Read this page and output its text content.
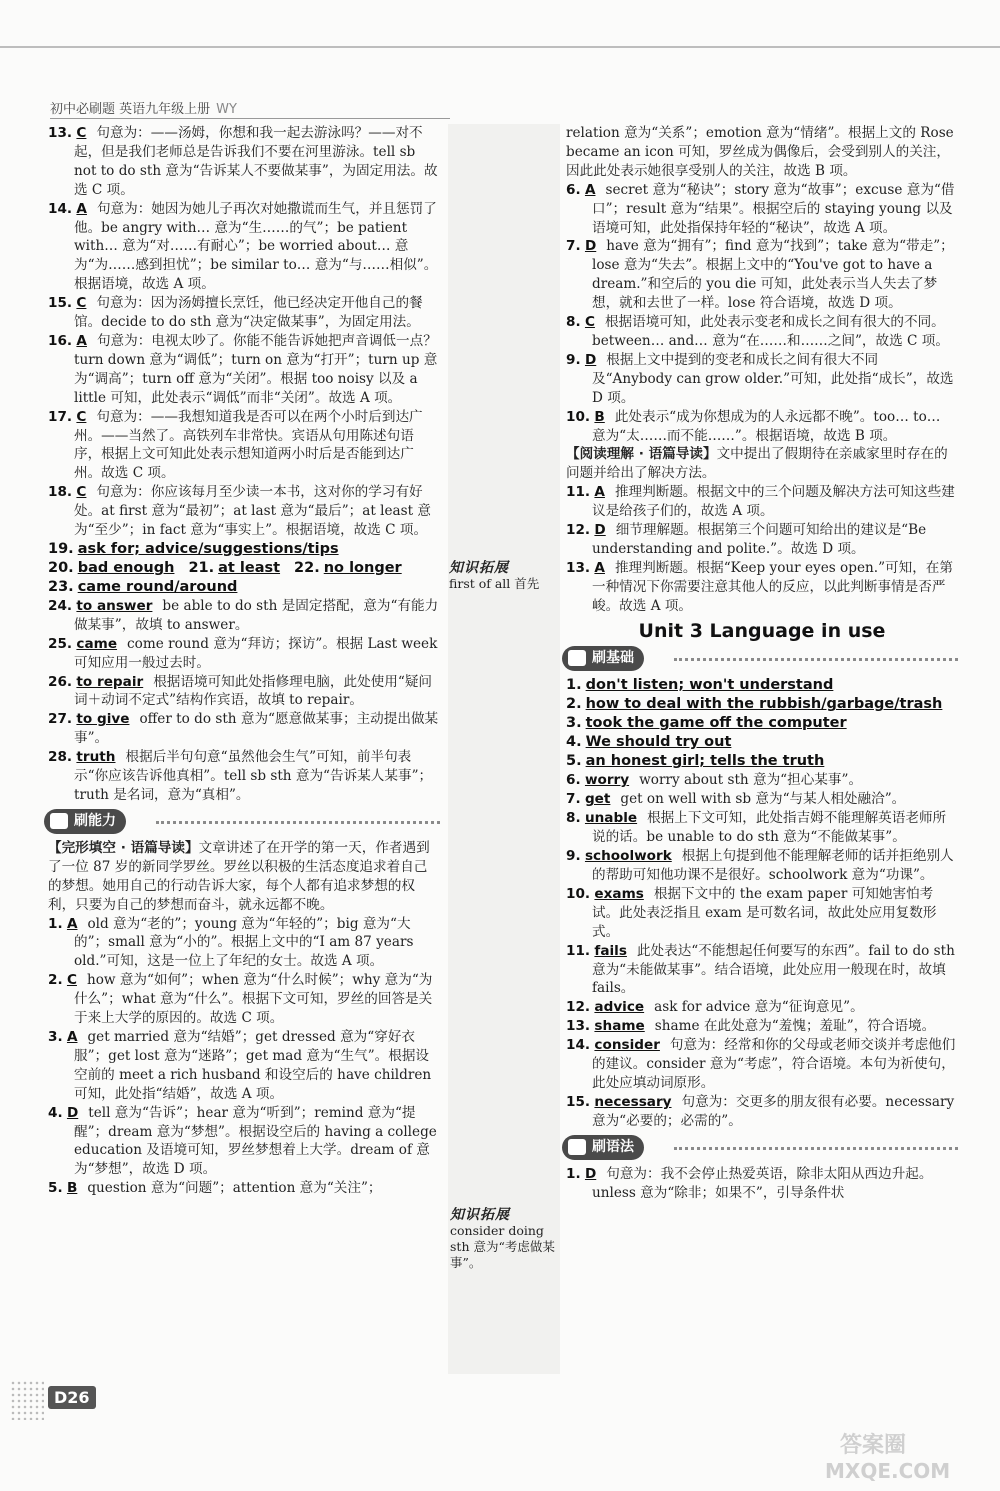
初中必刷题 英语九年级上册 WY
13. C 句意为：——汤姆，你想和我一起去游泳吗？——对不起，但是我们老师总是告诉我们不要在河里游泳。tell sb not to do sth 意为“告诉某人不要做某事”，为固定用法。故选 C 项。
14. A 句意为：她因为她儿子再次对她撒谎而生气，并且惩罚了他。be angry with… 意为“生……的气”；be patient with… 意为“对……有耐心”；be worried about… 意为“为……感到担忧”；be similar to… 意为“与……相似”。根据语境，故选 A 项。
15. C 句意为：因为汤姆擅长烹饪，他已经决定开他自己的餐馆。decide to do sth 意为“决定做某事”，为固定用法。
16. A 句意为：电视太吵了。你能不能告诉她把声音调低一点？turn down 意为“调低”；turn on 意为“打开”；turn up 意为“调高”；turn off 意为“关闭”。根据 too noisy 以及 a little 可知，此处表示“调低”而非“关闭”。故选 A 项。
17. C 句意为：——我想知道我是否可以在两个小时后到达广州。——当然了。高铁列车非常快。宾语从句用陈述句语序，根据上文可知此处表示想知道两小时后是否能到达广州。故选 C 项。
18. C 句意为：你应该每月至少读一本书，这对你的学习有好处。at first 意为“最初”；at last 意为“最后”；at least 意为“至少”；in fact 意为“事实上”。根据语境，故选 C 项。
19. ask for; advice/suggestions/tips
20. bad enough 21. at least 22. no longer
23. came round/around
24. to answer be able to do sth 是固定搭配，意为“有能力做某事”，故填 to answer。
25. came come round 意为“拜访；探访”。根据 Last week 可知应用一般过去时。
26. to repair 根据语境可知此处指修理电脑，此处使用“疑问词＋动词不定式”结构作宾语，故填 to repair。
27. to give offer to do sth 意为“愿意做某事；主动提出做某事”。
28. truth 根据后半句句意“虽然他会生气”可知，前半句表示“你应该告诉他真相”。tell sb sth 意为“告诉某人某事”；truth 是名词，意为“真相”。
刷能力
【完形填空 · 语篇导读】文章讲述了在开学的第一天，作者遇到了一位 87 岁的新同学罗丝。罗丝以积极的生活态度追求着自己的梦想。她用自己的行动告诉大家，每个人都有追求梦想的权利，只要为自己的梦想而奋斗，就永远都不晚。
1. A old 意为“老的”；young 意为“年轻的”；big 意为“大的”；small 意为“小的”。根据上文中的“I am 87 years old.”可知，这是一位上了年纪的女士。故选 A 项。
2. C how 意为“如何”；when 意为“什么时候”；why 意为“为什么”；what 意为“什么”。根据下文可知，罗丝的回答是关于来上大学的原因的。故选 C 项。
3. A get married 意为“结婚”；get dressed 意为“穿好衣服”；get lost 意为“迷路”；get mad 意为“生气”。根据设空前的 meet a rich husband 和设空后的 have children 可知，此处指“结婚”，故选 A 项。
4. D tell 意为“告诉”；hear 意为“听到”；remind 意为“提醒”；dream 意为“梦想”。根据设空后的 having a college education 及语境可知，罗丝梦想着上大学。dream of 意为“梦想”，故选 D 项。
5. B question 意为“问题”；attention 意为“关注”；
知识拓展
first of all 首先
知识拓展
consider doing sth 意为“考虑做某事”。
relation 意为“关系”；emotion 意为“情绪”。根据上文的 Rose became an icon 可知，罗丝成为偶像后，会受到别人的关注，因此此处表示她很享受别人的关注，故选 B 项。
6. A secret 意为“秘诀”；story 意为“故事”；excuse 意为“借口”；result 意为“结果”。根据空后的 staying young 以及语境可知，此处指保持年轻的“秘诀”，故选 A 项。
7. D have 意为“拥有”；find 意为“找到”；take 意为“带走”；lose 意为“失去”。根据上文中的“You've got to have a dream.”和空后的 you die 可知，此处表示当人失去了梦想，就和去世了一样。lose 符合语境，故选 D 项。
8. C 根据语境可知，此处表示变老和成长之间有很大的不同。between… and… 意为“在……和……之间”，故选 C 项。
9. D 根据上文中提到的变老和成长之间有很大不同及“Anybody can grow older.”可知，此处指“成长”，故选 D 项。
10. B 此处表示“成为你想成为的人永远都不晚”。too… to… 意为“太……而不能……”。根据语境，故选 B 项。
【阅读理解 · 语篇导读】文中提出了假期待在亲戚家里时存在的问题并给出了解决方法。
11. A 推理判断题。根据文中的三个问题及解决方法可知这些建议是给孩子们的，故选 A 项。
12. D 细节理解题。根据第三个问题可知给出的建议是“Be understanding and polite.”。故选 D 项。
13. A 推理判断题。根据“Keep your eyes open.”可知，在第一种情况下你需要注意其他人的反应，以此判断事情是否严峻。故选 A 项。
Unit 3 Language in use
刷基础
1. don't listen; won't understand
2. how to deal with the rubbish/garbage/trash
3. took the game off the computer
4. We should try out
5. an honest girl; tells the truth
6. worry worry about sth 意为“担心某事”。
7. get get on well with sb 意为“与某人相处融洽”。
8. unable 根据上下文可知，此处指吉姆不能理解英语老师所说的话。be unable to do sth 意为“不能做某事”。
9. schoolwork 根据上句提到他不能理解老师的话并拒绝别人的帮助可知他功课不是很好。schoolwork 意为“功课”。
10. exams 根据下文中的 the exam paper 可知她害怕考试。此处表泛指且 exam 是可数名词，故此处应用复数形式。
11. fails 此处表达“不能想起任何要写的东西”。fail to do sth 意为“未能做某事”。结合语境，此处应用一般现在时，故填 fails。
12. advice ask for advice 意为“征询意见”。
13. shame shame 在此处意为“羞愧；羞耻”，符合语境。
14. consider 句意为：经常和你的父母或老师交谈并考虑他们的建议。consider 意为“考虑”，符合语境。本句为祈使句，此处应填动词原形。
15. necessary 句意为：交更多的朋友很有必要。necessary 意为“必要的；必需的”。
刷语法
1. D 句意为：我不会停止热爱英语，除非太阳从西边升起。unless 意为“除非；如果不”，引导条件状
D26
答案圈
MXQE.COM
